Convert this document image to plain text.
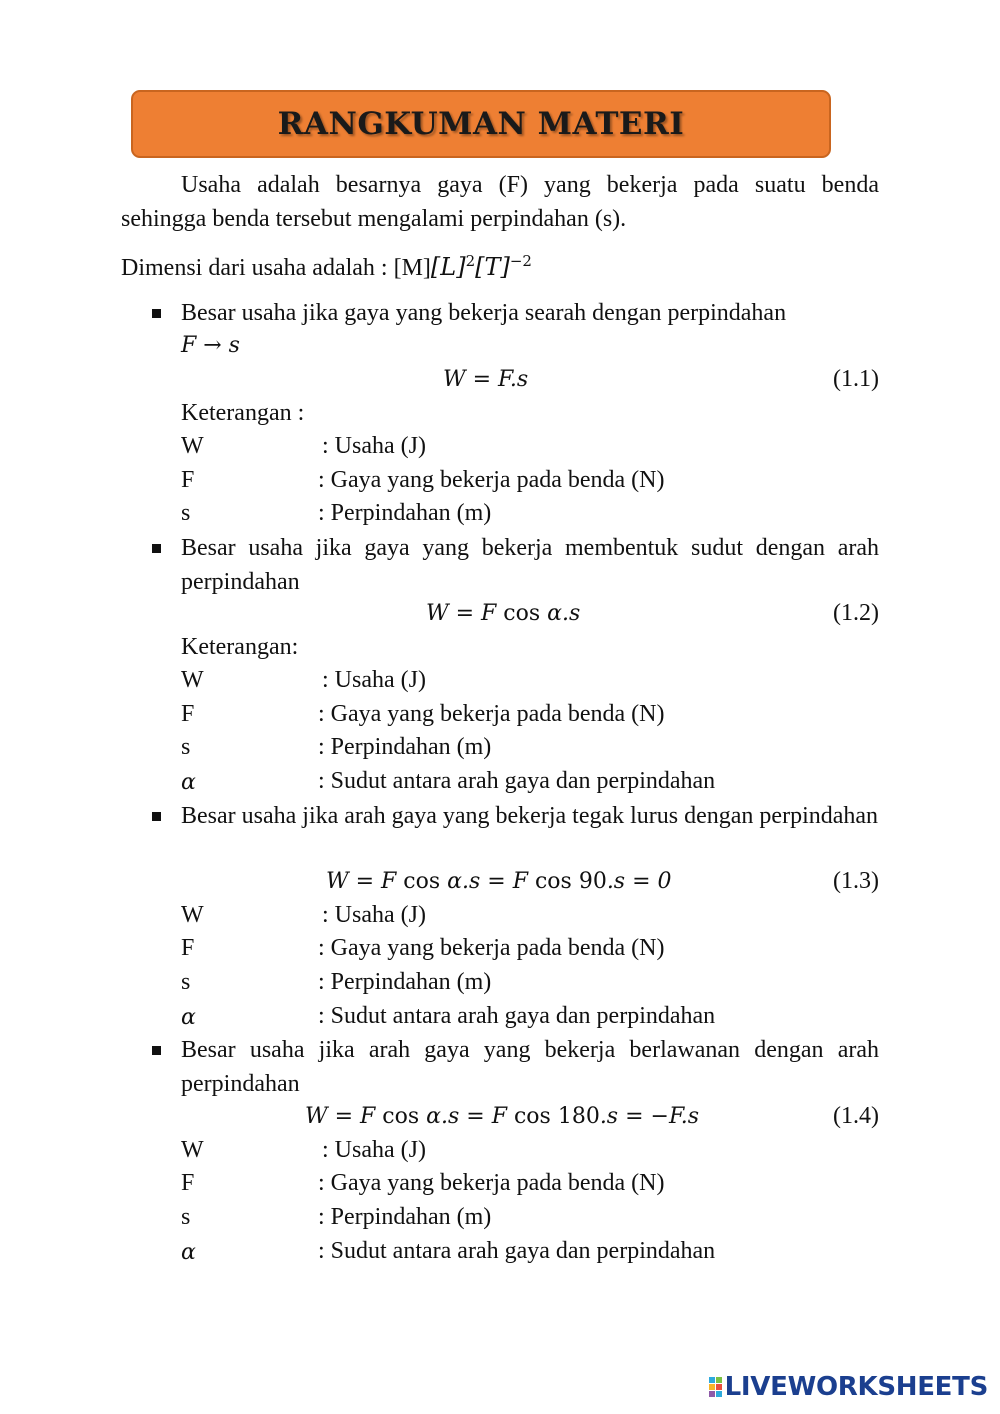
RANGKUMAN MATERI
Usaha adalah besarnya gaya (F) yang bekerja pada suatu benda sehingga benda tersebut mengalami perpindahan (s).
Dimensi dari usaha adalah : $[M][L]^2[T]^{-2}$
Besar usaha jika gaya yang bekerja searah dengan perpindahan
F → s
W = F.s	(1.1)
Keterangan :
W	: Usaha (J)
F	: Gaya yang bekerja pada benda (N)
s	: Perpindahan (m)
Besar usaha jika gaya yang bekerja membentuk sudut dengan arah perpindahan
W = F cos α.s	(1.2)
Keterangan:
W	: Usaha (J)
F	: Gaya yang bekerja pada benda (N)
s	: Perpindahan (m)
α	: Sudut antara arah gaya dan perpindahan
Besar usaha jika arah gaya yang bekerja tegak lurus dengan perpindahan
W = F cos α.s = F cos 90.s = 0	(1.3)
W	: Usaha (J)
F	: Gaya yang bekerja pada benda (N)
s	: Perpindahan (m)
α	: Sudut antara arah gaya dan perpindahan
Besar usaha jika arah gaya yang bekerja berlawanan dengan arah perpindahan
W = F cos α.s = F cos 180.s = −F.s	(1.4)
W	: Usaha (J)
F	: Gaya yang bekerja pada benda (N)
s	: Perpindahan (m)
α	: Sudut antara arah gaya dan perpindahan
LIVEWORKSHEETS
